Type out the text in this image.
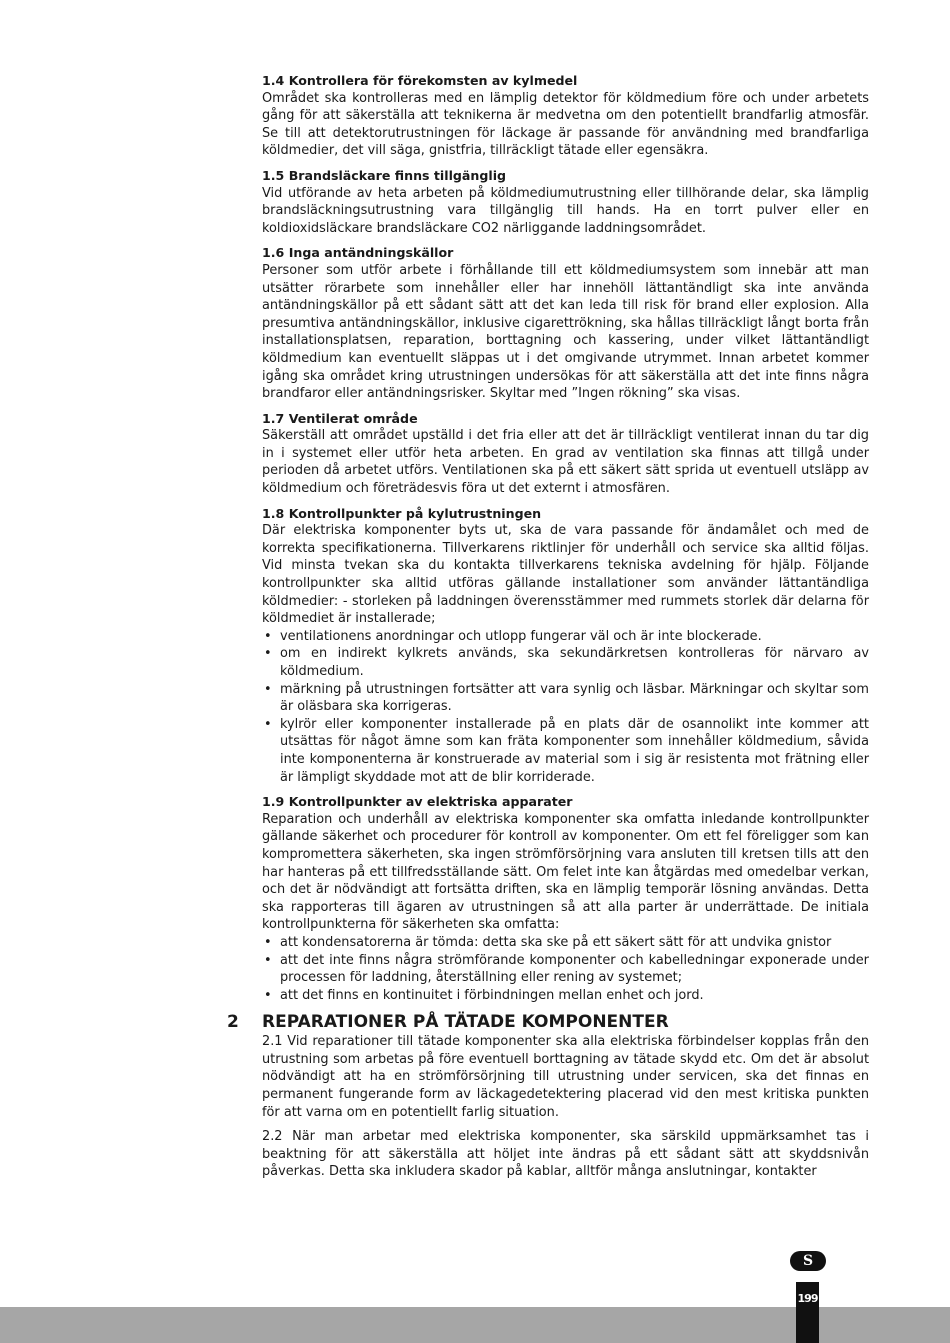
1.4 Kontrollera för förekomsten av kylmedel

Området ska kontrolleras med en lämplig detektor för köldmedium före och under arbetets gång för att säkerställa att teknikerna är medvetna om den potentiellt brandfarlig atmosfär. Se till att detektorutrustningen för läckage är passande för användning med brandfarliga köldmedier, det vill säga, gnistfria, tillräckligt tätade eller egensäkra.

1.5 Brandsläckare finns tillgänglig

Vid utförande av heta arbeten på köldmediumutrustning eller tillhörande delar, ska lämplig brandsläckningsutrustning vara tillgänglig till hands. Ha en torrt pulver eller en koldioxidsläckare brandsläckare CO2 närliggande laddningsområdet.

1.6 Inga antändningskällor

Personer som utför arbete i förhållande till ett köldmediumsystem som innebär att man utsätter rörarbete som innehåller eller har innehöll lättantändligt ska inte använda antändningskällor på ett sådant sätt att det kan leda till risk för brand eller explosion. Alla presumtiva antändningskällor, inklusive cigarettrökning, ska hållas tillräckligt långt borta från installationsplatsen, reparation, borttagning och kassering, under vilket lättantändligt köldmedium kan eventuellt släppas ut i det omgivande utrymmet. Innan arbetet kommer igång ska området kring utrustningen undersökas för att säkerställa att det inte finns några brandfaror eller antändningsrisker. Skyltar med ”Ingen rökning” ska visas.

1.7 Ventilerat område

Säkerställ att området upställd i det fria eller att det är tillräckligt ventilerat innan du tar dig in i systemet eller utför heta arbeten. En grad av ventilation ska finnas att tillgå under perioden då arbetet utförs. Ventilationen ska på ett säkert sätt sprida ut eventuell utsläpp av köldmedium och företrädesvis föra ut det externt i atmosfären.

1.8 Kontrollpunkter på kylutrustningen

Där elektriska komponenter byts ut, ska de vara passande för ändamålet och med de korrekta specifikationerna. Tillverkarens riktlinjer för underhåll och service ska alltid följas. Vid minsta tvekan ska du kontakta tillverkarens tekniska avdelning för hjälp. Följande kontrollpunkter ska alltid utföras gällande installationer som använder lättantändliga köldmedier: - storleken på laddningen överensstämmer med rummets storlek där delarna för köldmediet är installerade;

• ventilationens anordningar och utlopp fungerar väl och är inte blockerade.
• om en indirekt kylkrets används, ska sekundärkretsen kontrolleras för närvaro av köldmedium.
• märkning på utrustningen fortsätter att vara synlig och läsbar. Märkningar och skyltar som är oläsbara ska korrigeras.
• kylrör eller komponenter installerade på en plats där de osannolikt inte kommer att utsättas för något ämne som kan fräta komponenter som innehåller köldmedium, såvida inte komponenterna är konstruerade av material som i sig är resistenta mot frätning eller är lämpligt skyddade mot att de blir korriderade.
1.9 Kontrollpunkter av elektriska apparater

Reparation och underhåll av elektriska komponenter ska omfatta inledande kontrollpunkter gällande säkerhet och procedurer för kontroll av komponenter. Om ett fel föreligger som kan kompromettera säkerheten, ska ingen strömförsörjning vara ansluten till kretsen tills att den har hanteras på ett tillfredsställande sätt. Om felet inte kan åtgärdas med omedelbar verkan, och det är nödvändigt att fortsätta driften, ska en lämplig temporär lösning användas. Detta ska rapporteras till ägaren av utrustningen så att alla parter är underrättade. De initiala kontrollpunkterna för säkerheten ska omfatta:

• att kondensatorerna är tömda: detta ska ske på ett säkert sätt för att undvika gnistor
• att det inte finns några strömförande komponenter och kabelledningar exponerade under processen för laddning, återställning eller rening av systemet;
• att det finns en kontinuitet i förbindningen mellan enhet och jord.
2 REPARATIONER PÅ TÄTADE KOMPONENTER

2.1 Vid reparationer till tätade komponenter ska alla elektriska förbindelser kopplas från den utrustning som arbetas på före eventuell borttagning av tätade skydd etc. Om det är absolut nödvändigt att ha en strömförsörjning till utrustning under servicen, ska det finnas en permanent fungerande form av läckagedetektering placerad vid den mest kritiska punkten för att varna om en potentiellt farlig situation.

2.2 När man arbetar med elektriska komponenter, ska särskild uppmärksamhet tas i beaktning för att säkerställa att höljet inte ändras på ett sådant sätt att skyddsnivån påverkas. Detta ska inkludera skador på kablar, alltför många anslutningar, kontakter

S
199
